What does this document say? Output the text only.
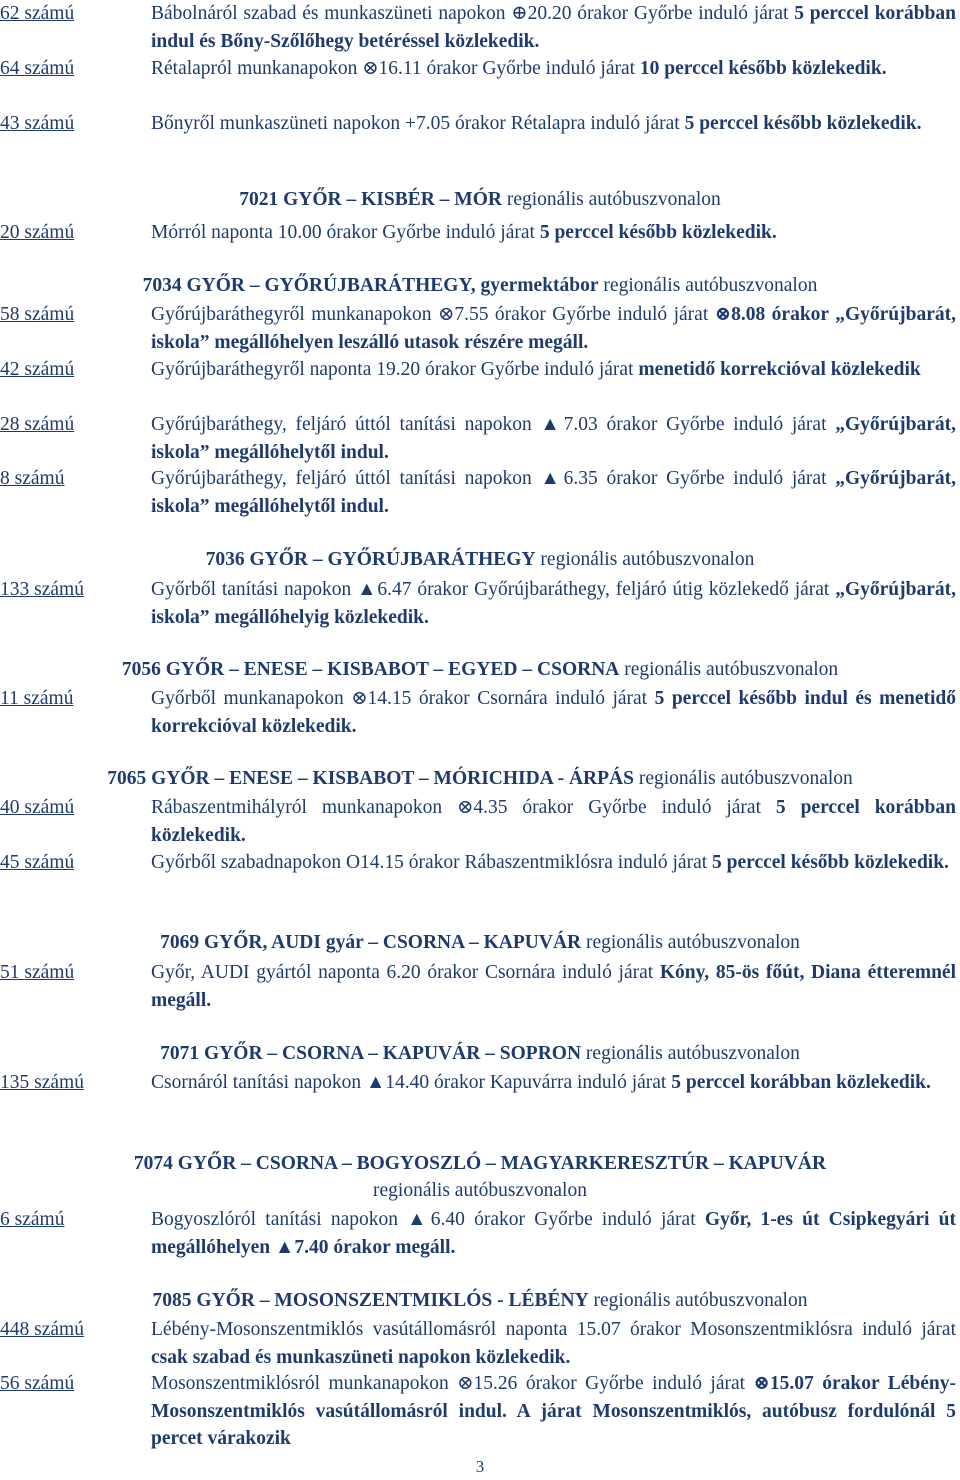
62 számú	Bábolnáról szabad és munkaszüneti napokon ⊕20.20 órakor Győrbe induló járat 5 perccel korábban indul és Bőny-Szőlőhegy betéréssel közlekedik.
64 számú	Rétalapról munkanapokon ⊗16.11 órakor Győrbe induló járat 10 perccel később közlekedik.
43 számú	Bőnyről munkaszüneti napokon +7.05 órakor Rétalapra induló járat 5 perccel később közlekedik.
7021 GYŐR – KISBÉR – MÓR regionális autóbuszvonalon
20 számú	Mórról naponta 10.00 órakor Győrbe induló járat 5 perccel később közlekedik.
7034 GYŐR – GYŐRÚJBARÁTHEGY, gyermektábor regionális autóbuszvonalon
58 számú	Győrújbaráthegyről munkanapokon ⊗7.55 órakor Győrbe induló járat ⊗8.08 órakor „Győrújbarát, iskola” megállóhelyen leszálló utasok részére megáll.
42 számú	Győrújbaráthegyről naponta 19.20 órakor Győrbe induló járat menetidő korrekcióval közlekedik
28 számú	Győrújbaráthegy, feljáró úttól tanítási napokon ▲7.03 órakor Győrbe induló járat „Győrújbarát, iskola” megállóhelytől indul.
8 számú	Győrújbaráthegy, feljáró úttól tanítási napokon ▲6.35 órakor Győrbe induló járat „Győrújbarát, iskola” megállóhelytől indul.
7036 GYŐR – GYŐRÚJBARÁTHEGY regionális autóbuszvonalon
133 számú	Győrből tanítási napokon ▲6.47 órakor Győrújbaráthegy, feljáró útig közlekedő járat „Győrújbarát, iskola” megállóhelyig közlekedik.
7056 GYŐR – ENESE – KISBABOT – EGYED – CSORNA regionális autóbuszvonalon
11 számú	Győrből munkanapokon ⊗14.15 órakor Csornára induló járat 5 perccel később indul és menetidő korrekcióval közlekedik.
7065 GYŐR – ENESE – KISBABOT – MÓRICHIDA - ÁRPÁS regionális autóbuszvonalon
40 számú	Rábaszentmihályról munkanapokon ⊗4.35 órakor Győrbe induló járat 5 perccel korábban közlekedik.
45 számú	Győrből szabadnapokon O14.15 órakor Rábaszentmiklósra induló járat 5 perccel később közlekedik.
7069 GYŐR, AUDI gyár – CSORNA – KAPUVÁR regionális autóbuszvonalon
51 számú	Győr, AUDI gyártól naponta 6.20 órakor Csornára induló járat Kóny, 85-ös főút, Diana étteremnél megáll.
7071 GYŐR – CSORNA – KAPUVÁR – SOPRON regionális autóbuszvonalon
135 számú	Csornáról tanítási napokon ▲14.40 órakor Kapuvárra induló járat 5 perccel korábban közlekedik.
7074 GYŐR – CSORNA – BOGYOSZLÓ – MAGYARKERESZTÚR – KAPUVÁR
regionális autóbuszvonalon
6 számú	Bogyoszlóról tanítási napokon ▲6.40 órakor Győrbe induló járat Győr, 1-es út Csipkegyári út megállóhelyen ▲7.40 órakor megáll.
7085 GYŐR – MOSONSZENTMIKLÓS - LÉBÉNY regionális autóbuszvonalon
448 számú	Lébény-Mosonszentmiklós vasútállomásról naponta 15.07 órakor Mosonszentmiklósra induló járat csak szabad és munkaszüneti napokon közlekedik.
56 számú	Mosonszentmiklósról munkanapokon ⊗15.26 órakor Győrbe induló járat ⊗15.07 órakor Lébény-Mosonszentmiklós vasútállomásról indul. A járat Mosonszentmiklós, autóbusz fordulónál 5 percet várakozik
3
